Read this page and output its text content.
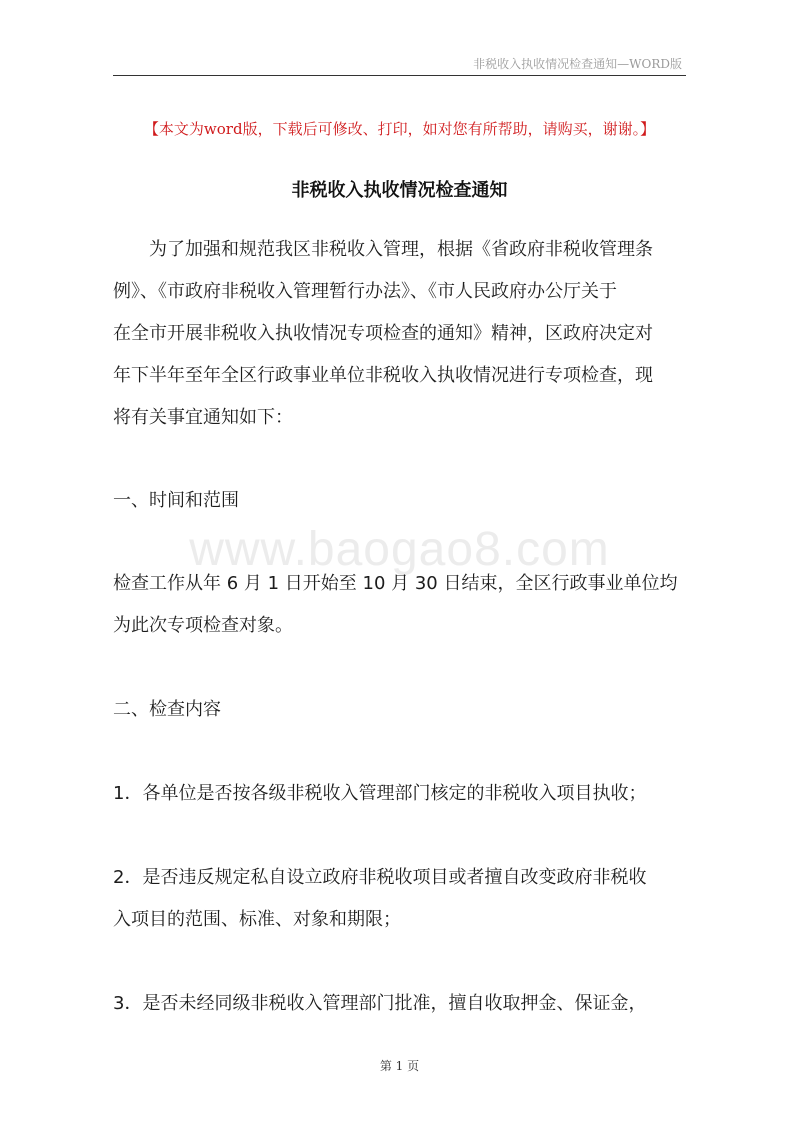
非税收入执收情况检查通知—WORD版
【本文为word版，下载后可修改、打印，如对您有所帮助，请购买，谢谢。】
非税收入执收情况检查通知
为了加强和规范我区非税收入管理，根据《省政府非税收管理条
例》、《市政府非税收入管理暂行办法》、《市人民政府办公厅关于
在全市开展非税收入执收情况专项检查的通知》精神，区政府决定对
年下半年至年全区行政事业单位非税收入执收情况进行专项检查，现
将有关事宜通知如下：
一、时间和范围
www.baogao8.com
检查工作从年 6 月 1 日开始至 10 月 30 日结束，全区行政事业单位均
为此次专项检查对象。
二、检查内容
1．各单位是否按各级非税收入管理部门核定的非税收入项目执收；
2．是否违反规定私自设立政府非税收项目或者擅自改变政府非税收
入项目的范围、标准、对象和期限；
3．是否未经同级非税收入管理部门批准，擅自收取押金、保证金，
第 1 页
